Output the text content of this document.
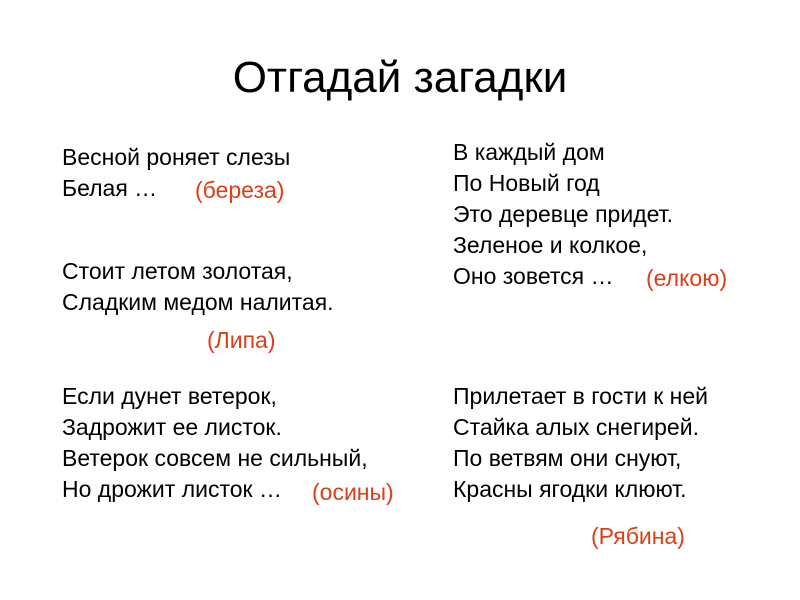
Отгадай загадки
Весной роняет слезы
Белая …	(береза)
Стоит летом золотая,
Сладким медом налитая.
(Липа)
Если дунет ветерок,
Задрожит ее листок.
Ветерок совсем не сильный,
Но дрожит листок …	(осины)
В каждый дом
По Новый год
Это деревце придет.
Зеленое и колкое,
Оно зовется …	(елкою)
Прилетает в гости к ней
Стайка алых снегирей.
По ветвям они снуют,
Красны ягодки клюют.
(Рябина)
